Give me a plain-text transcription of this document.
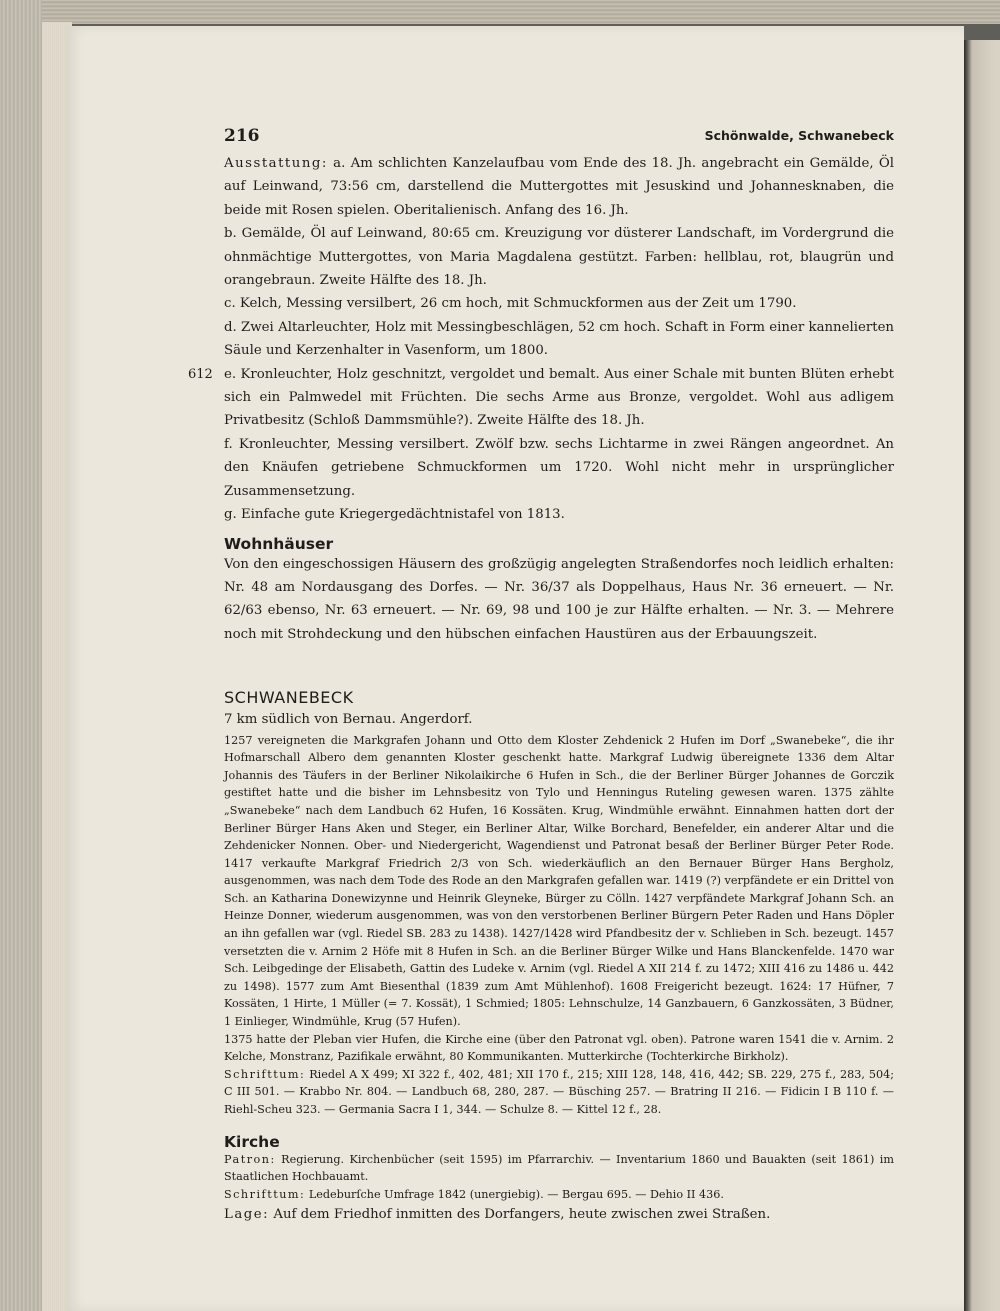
216	Schönwalde, Schwanebeck

Ausstattung: a. Am schlichten Kanzelaufbau vom Ende des 18. Jh. angebracht ein Gemälde, Öl auf Leinwand, 73:56 cm, darstellend die Muttergottes mit Jesuskind und Johannesknaben, die beide mit Rosen spielen. Oberitalienisch. Anfang des 16. Jh.

b. Gemälde, Öl auf Leinwand, 80:65 cm. Kreuzigung vor düsterer Landschaft, im Vordergrund die ohnmächtige Muttergottes, von Maria Magdalena gestützt. Farben: hellblau, rot, blaugrün und orangebraun. Zweite Hälfte des 18. Jh.

c. Kelch, Messing versilbert, 26 cm hoch, mit Schmuckformen aus der Zeit um 1790.

d. Zwei Altarleuchter, Holz mit Messingbeschlägen, 52 cm hoch. Schaft in Form einer kannelierten Säule und Kerzenhalter in Vasenform, um 1800.

612 e. Kronleuchter, Holz geschnitzt, vergoldet und bemalt. Aus einer Schale mit bunten Blüten erhebt sich ein Palmwedel mit Früchten. Die sechs Arme aus Bronze, vergoldet. Wohl aus adligem Privatbesitz (Schloß Dammsmühle?). Zweite Hälfte des 18. Jh.

f. Kronleuchter, Messing versilbert. Zwölf bzw. sechs Lichtarme in zwei Rängen angeordnet. An den Knäufen getriebene Schmuckformen um 1720. Wohl nicht mehr in ursprünglicher Zusammensetzung.

g. Einfache gute Kriegergedächtnistafel von 1813.

Wohnhäuser

Von den eingeschossigen Häusern des großzügig angelegten Straßendorfes noch leidlich erhalten: Nr. 48 am Nordausgang des Dorfes. — Nr. 36/37 als Doppelhaus, Haus Nr. 36 erneuert. — Nr. 62/63 ebenso, Nr. 63 erneuert. — Nr. 69, 98 und 100 je zur Hälfte erhalten. — Nr. 3. — Mehrere noch mit Strohdeckung und den hübschen einfachen Haustüren aus der Erbauungszeit.

SCHWANEBECK

7 km südlich von Bernau. Angerdorf.

1257 vereigneten die Markgrafen Johann und Otto dem Kloster Zehdenick 2 Hufen im Dorf „Swanebeke“, die ihr Hofmarschall Albero dem genannten Kloster geschenkt hatte. Markgraf Ludwig übereignete 1336 dem Altar Johannis des Täufers in der Berliner Nikolaikirche 6 Hufen in Sch., die der Berliner Bürger Johannes de Gorczik gestiftet hatte und die bisher im Lehnsbesitz von Tylo und Henningus Ruteling gewesen waren. 1375 zählte „Swanebeke“ nach dem Landbuch 62 Hufen, 16 Kossäten. Krug, Windmühle erwähnt. Einnahmen hatten dort der Berliner Bürger Hans Aken und Steger, ein Berliner Altar, Wilke Borchard, Benefelder, ein anderer Altar und die Zehdenicker Nonnen. Ober- und Niedergericht, Wagendienst und Patronat besaß der Berliner Bürger Peter Rode. 1417 verkaufte Markgraf Friedrich 2/3 von Sch. wiederkäuflich an den Bernauer Bürger Hans Bergholz, ausgenommen, was nach dem Tode des Rode an den Markgrafen gefallen war. 1419 (?) verpfändete er ein Drittel von Sch. an Katharina Donewizynne und Heinrik Gleyneke, Bürger zu Cölln. 1427 verpfändete Markgraf Johann Sch. an Heinze Donner, wiederum ausgenommen, was von den verstorbenen Berliner Bürgern Peter Raden und Hans Döpler an ihn gefallen war (vgl. Riedel SB. 283 zu 1438). 1427/1428 wird Pfandbesitz der v. Schlieben in Sch. bezeugt. 1457 versetzten die v. Arnim 2 Höfe mit 8 Hufen in Sch. an die Berliner Bürger Wilke und Hans Blanckenfelde. 1470 war Sch. Leibgedinge der Elisabeth, Gattin des Ludeke v. Arnim (vgl. Riedel A XII 214 f. zu 1472; XIII 416 zu 1486 u. 442 zu 1498). 1577 zum Amt Biesenthal (1839 zum Amt Mühlenhof). 1608 Freigericht bezeugt. 1624: 17 Hüfner, 7 Kossäten, 1 Hirte, 1 Müller (= 7. Kossät), 1 Schmied; 1805: Lehnschulze, 14 Ganzbauern, 6 Ganzkossäten, 3 Büdner, 1 Einlieger, Windmühle, Krug (57 Hufen).

1375 hatte der Pleban vier Hufen, die Kirche eine (über den Patronat vgl. oben). Patrone waren 1541 die v. Arnim. 2 Kelche, Monstranz, Pazifikale erwähnt, 80 Kommunikanten. Mutterkirche (Tochterkirche Birkholz).

Schrifttum: Riedel A X 499; XI 322 f., 402, 481; XII 170 f., 215; XIII 128, 148, 416, 442; SB. 229, 275 f., 283, 504; C III 501. — Krabbo Nr. 804. — Landbuch 68, 280, 287. — Büsching 257. — Bratring II 216. — Fidicin I B 110 f. — Riehl-Scheu 323. — Germania Sacra I 1, 344. — Schulze 8. — Kittel 12 f., 28.

Kirche

Patron: Regierung. Kirchenbücher (seit 1595) im Pfarrarchiv. — Inventarium 1860 und Bauakten (seit 1861) im Staatlichen Hochbauamt.

Schrifttum: Ledeburſche Umfrage 1842 (unergiebig). — Bergau 695. — Dehio II 436.

Lage: Auf dem Friedhof inmitten des Dorfangers, heute zwischen zwei Straßen.
